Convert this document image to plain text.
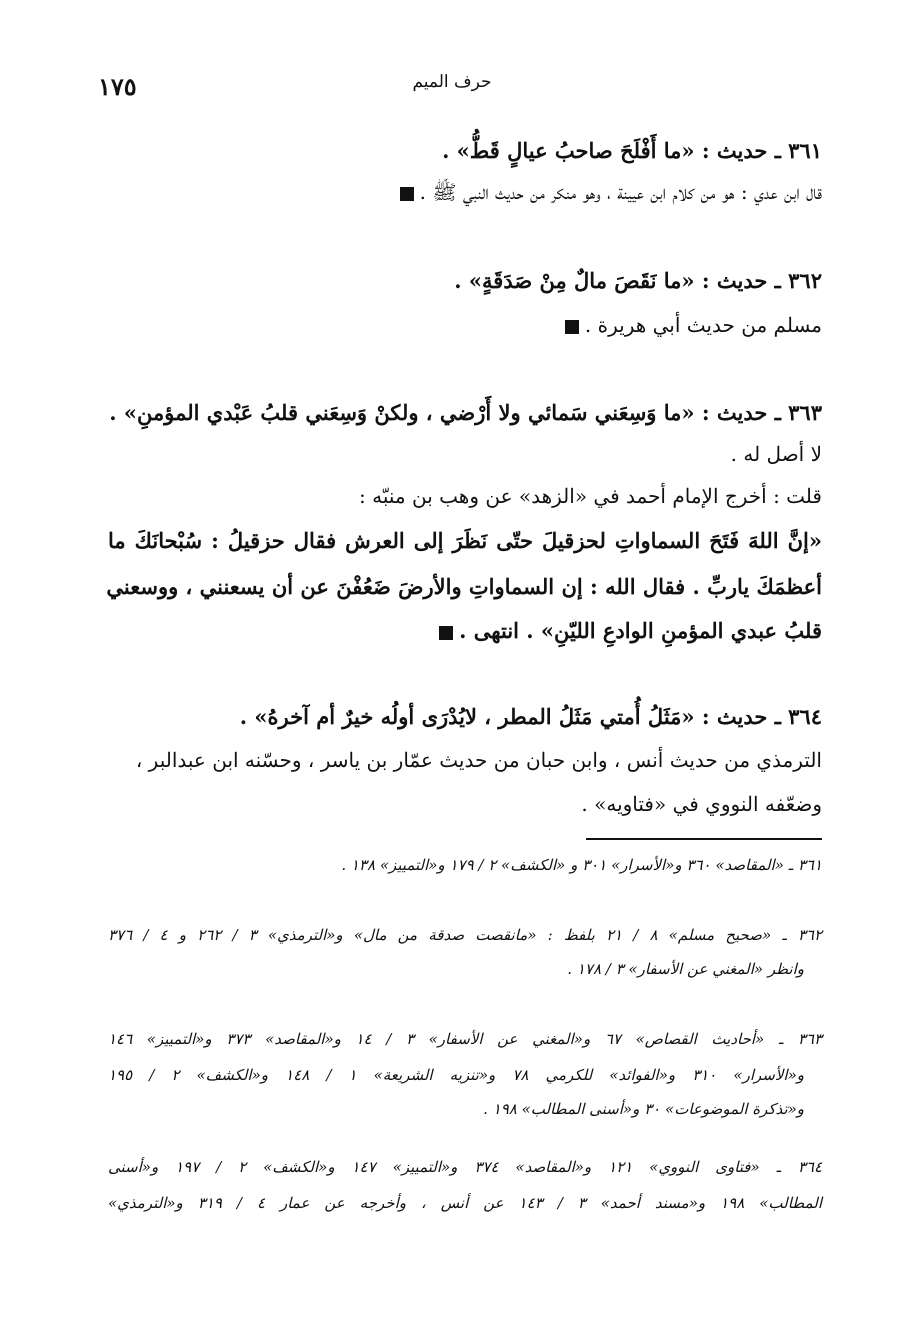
حرف الميم
١٧٥
٣٦١ ـ حديث : «ما أَفْلَحَ صاحبُ عيالٍ قَطُّ» .
قال ابن عدي : هو من كلام ابن عيينة ، وهو منكر من حديث النبي ﷺ .
٣٦٢ ـ حديث : «ما نَقَصَ مالٌ مِنْ صَدَقَةٍ» .
مسلم من حديث أبي هريرة .
٣٦٣ ـ حديث : «ما وَسِعَني سَمائي ولا أَرْضي ، ولكنْ وَسِعَني قلبُ عَبْدي المؤمنِ» .
لا أصل له .
قلت : أخرج الإمام أحمد في «الزهد» عن وهب بن منبّه :
«إنَّ اللهَ فَتَحَ السماواتِ لحزقيلَ حتّى نَظَرَ إلى العرش فقال حزقيلُ : سُبْحانَكَ ما
أعظمَكَ ياربِّ . فقال الله : إن السماواتِ والأرضَ ضَعُفْنَ عن أن يسعنني ، ووسعني
قلبُ عبدي المؤمنِ الوادعِ الليّنِ» . انتهى .
٣٦٤ ـ حديث : «مَثَلُ أُمتي مَثَلُ المطر ، لايُدْرَى أولُه خيرٌ أم آخرهُ» .
الترمذي من حديث أنس ، وابن حبان من حديث عمّار بن ياسر ، وحسّنه ابن عبدالبر ،
وضعّفه النووي في «فتاويه» .
٣٦١ ـ «المقاصد» ٣٦٠ و«الأسرار» ٣٠١ و «الكشف» ٢ / ١٧٩ و«التمييز» ١٣٨ .
٣٦٢ ـ «صحيح مسلم» ٨ / ٢١ بلفظ : «مانقصت صدقة من مال» و«الترمذي» ٣ / ٢٦٢ و ٤ / ٣٧٦
وانظر «المغني عن الأسفار» ٣ / ١٧٨ .
٣٦٣ ـ «أحاديث القصاص» ٦٧ و«المغني عن الأسفار» ٣ / ١٤ و«المقاصد» ٣٧٣ و«التمييز» ١٤٦
و«الأسرار» ٣١٠ و«الفوائد» للكرمي ٧٨ و«تنزيه الشريعة» ١ / ١٤٨ و«الكشف» ٢ / ١٩٥
و«تذكرة الموضوعات» ٣٠ و«أسنى المطالب» ١٩٨ .
٣٦٤ ـ «فتاوى النووي» ١٢١ و«المقاصد» ٣٧٤ و«التمييز» ١٤٧ و«الكشف» ٢ / ١٩٧ و«أسنى
المطالب» ١٩٨ و«مسند أحمد» ٣ / ١٤٣ عن أنس ، وأخرجه عن عمار ٤ / ٣١٩ و«الترمذي»
